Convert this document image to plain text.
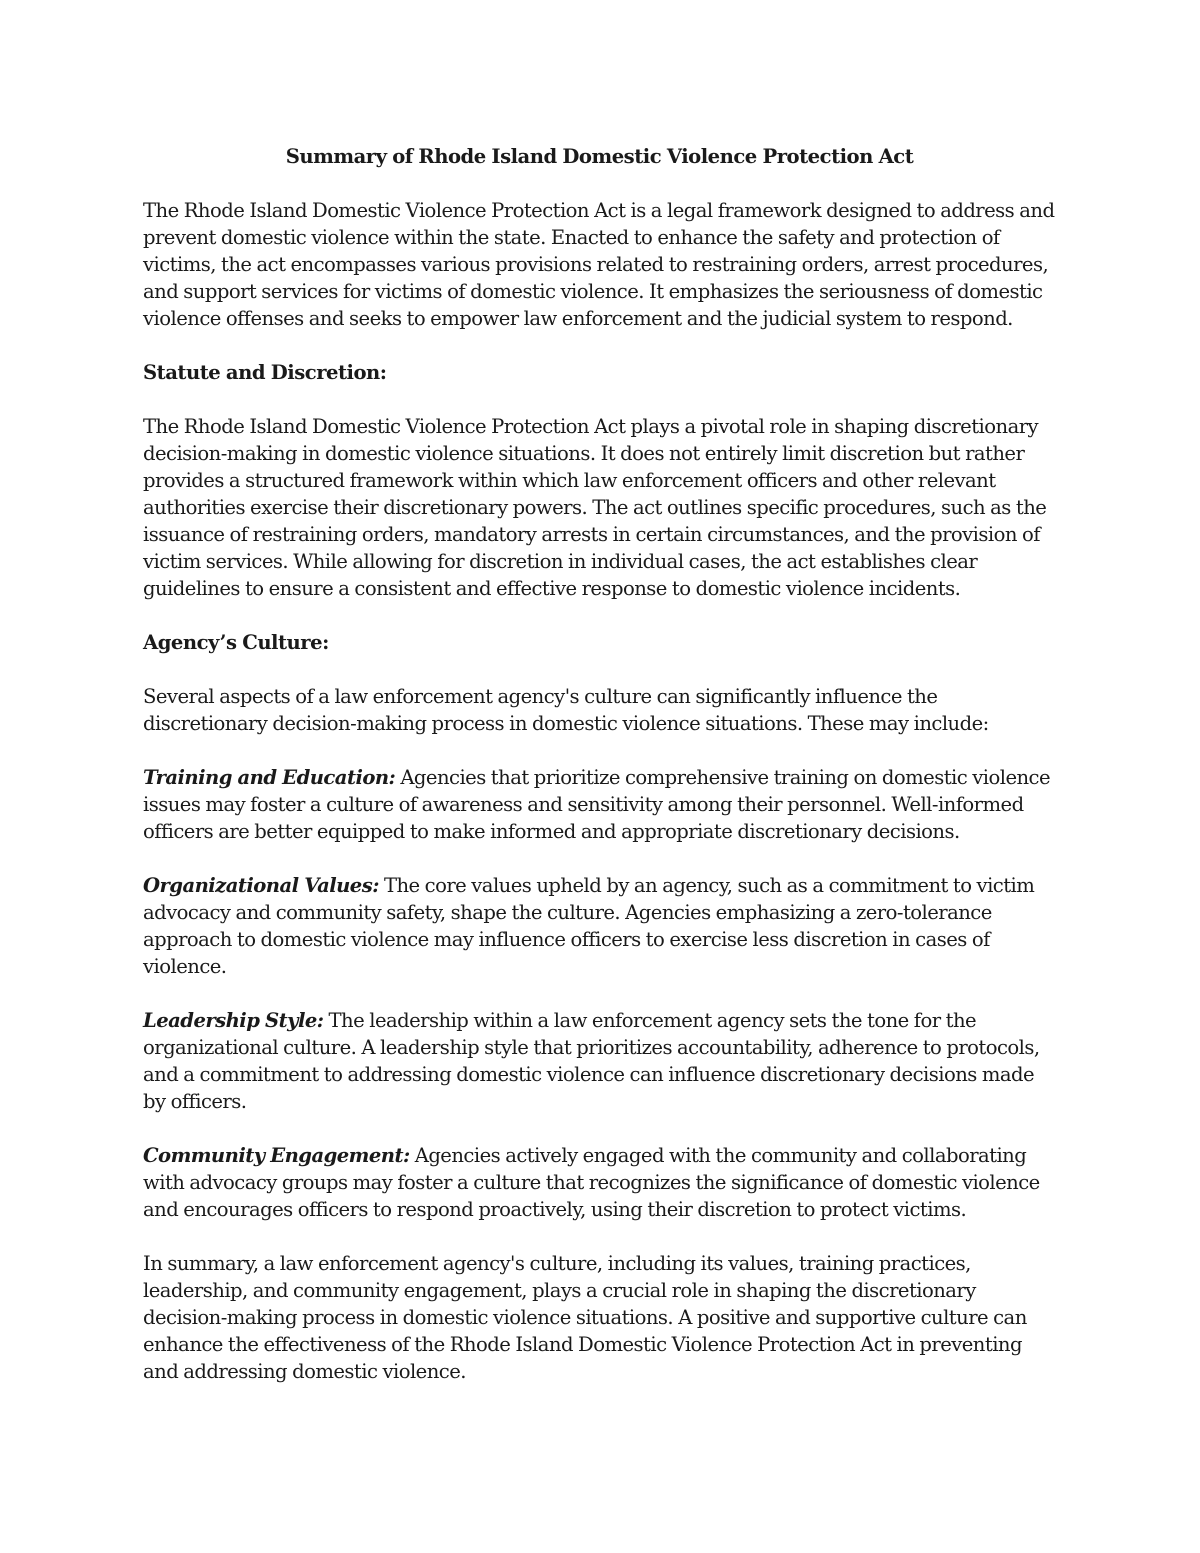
Summary of Rhode Island Domestic Violence Protection Act

The Rhode Island Domestic Violence Protection Act is a legal framework designed to address and prevent domestic violence within the state. Enacted to enhance the safety and protection of victims, the act encompasses various provisions related to restraining orders, arrest procedures, and support services for victims of domestic violence. It emphasizes the seriousness of domestic violence offenses and seeks to empower law enforcement and the judicial system to respond.

Statute and Discretion:

The Rhode Island Domestic Violence Protection Act plays a pivotal role in shaping discretionary decision-making in domestic violence situations. It does not entirely limit discretion but rather provides a structured framework within which law enforcement officers and other relevant authorities exercise their discretionary powers. The act outlines specific procedures, such as the issuance of restraining orders, mandatory arrests in certain circumstances, and the provision of victim services. While allowing for discretion in individual cases, the act establishes clear guidelines to ensure a consistent and effective response to domestic violence incidents.

Agency’s Culture:

Several aspects of a law enforcement agency's culture can significantly influence the discretionary decision-making process in domestic violence situations. These may include:

Training and Education: Agencies that prioritize comprehensive training on domestic violence issues may foster a culture of awareness and sensitivity among their personnel. Well-informed officers are better equipped to make informed and appropriate discretionary decisions.

Organizational Values: The core values upheld by an agency, such as a commitment to victim advocacy and community safety, shape the culture. Agencies emphasizing a zero-tolerance approach to domestic violence may influence officers to exercise less discretion in cases of violence.

Leadership Style: The leadership within a law enforcement agency sets the tone for the organizational culture. A leadership style that prioritizes accountability, adherence to protocols, and a commitment to addressing domestic violence can influence discretionary decisions made by officers.

Community Engagement: Agencies actively engaged with the community and collaborating with advocacy groups may foster a culture that recognizes the significance of domestic violence and encourages officers to respond proactively, using their discretion to protect victims.

In summary, a law enforcement agency's culture, including its values, training practices, leadership, and community engagement, plays a crucial role in shaping the discretionary decision-making process in domestic violence situations. A positive and supportive culture can enhance the effectiveness of the Rhode Island Domestic Violence Protection Act in preventing and addressing domestic violence.
